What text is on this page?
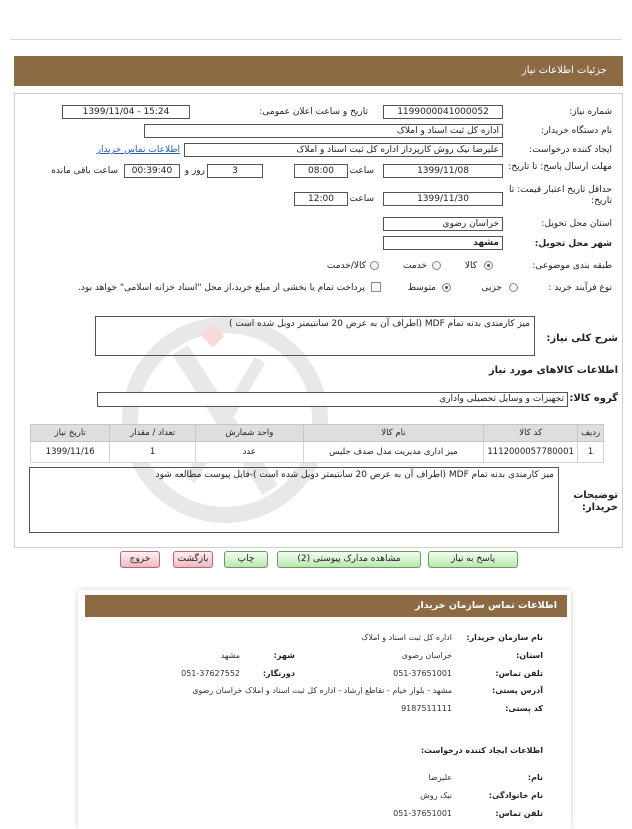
جزئیات اطلاعات نیاز
شماره نیاز:
1199000041000052
تاریخ و ساعت اعلان عمومی:
1399/11/04 - 15:24
نام دستگاه خریدار:
اداره کل ثبت اسناد و املاک
ایجاد کننده درخواست:
علیرضا نیک روش کارپرداز اداره کل ثبت اسناد و املاک
اطلاعات تماس خریدار
مهلت ارسال پاسخ: تا تاریخ:
1399/11/08
ساعت
08:00
3
روز و
00:39:40
ساعت باقی مانده
حداقل تاریخ اعتبار قیمت: تا تاریخ:
1399/11/30
ساعت
12:00
استان محل تحویل:
خراسان رضوی
شهر محل تحویل:
مشهد
طبقه بندی موضوعی:
کالا
خدمت
کالا/خدمت
نوع فرآیند خرید :
جزیی
متوسط
پرداخت تمام یا بخشی از مبلغ خرید،از محل "اسناد خزانه اسلامی" خواهد بود.
شرح کلی نیاز:
میز کارمندی بدنه تمام MDF (اطراف آن به عرض 20 سانتیمتر دوبل شده است )
اطلاعات کالاهای مورد نیاز
گروه کالا:
تجهیزات و وسایل تحصیلی واداری
ردیف	کد کالا	نام کالا	واحد شمارش	تعداد / مقدار	تاریخ نیاز
1	1112000057780001	میز اداری مدیریت مدل صدف جلیس	عدد	1	1399/11/16
توضیحات خریدار:
میز کارمندی بدنه تمام MDF (اطراف آن به عرض 20 سانتیمتر دوبل شده است )-فایل پیوست مطالعه شود
پاسخ به نیاز
مشاهده مدارک پیوستی (2)
چاپ
بازگشت
خروج
اطلاعات تماس سازمان خریدار
نام سازمان خریدار:
اداره کل ثبت اسناد و املاک
استان:
خراسان رضوی
شهر:
مشهد
تلفن تماس:
051-37651001
دورنگار:
051-37627552
آدرس پستی:
مشهد - بلوار خیام - تقاطع ارشاد - اداره کل ثبت اسناد و املاک خراسان رضوی
کد پستی:
9187511111
اطلاعات ایجاد کننده درخواست:
نام:
علیرضا
نام خانوادگی:
نیک روش
تلفن تماس:
051-37651001
